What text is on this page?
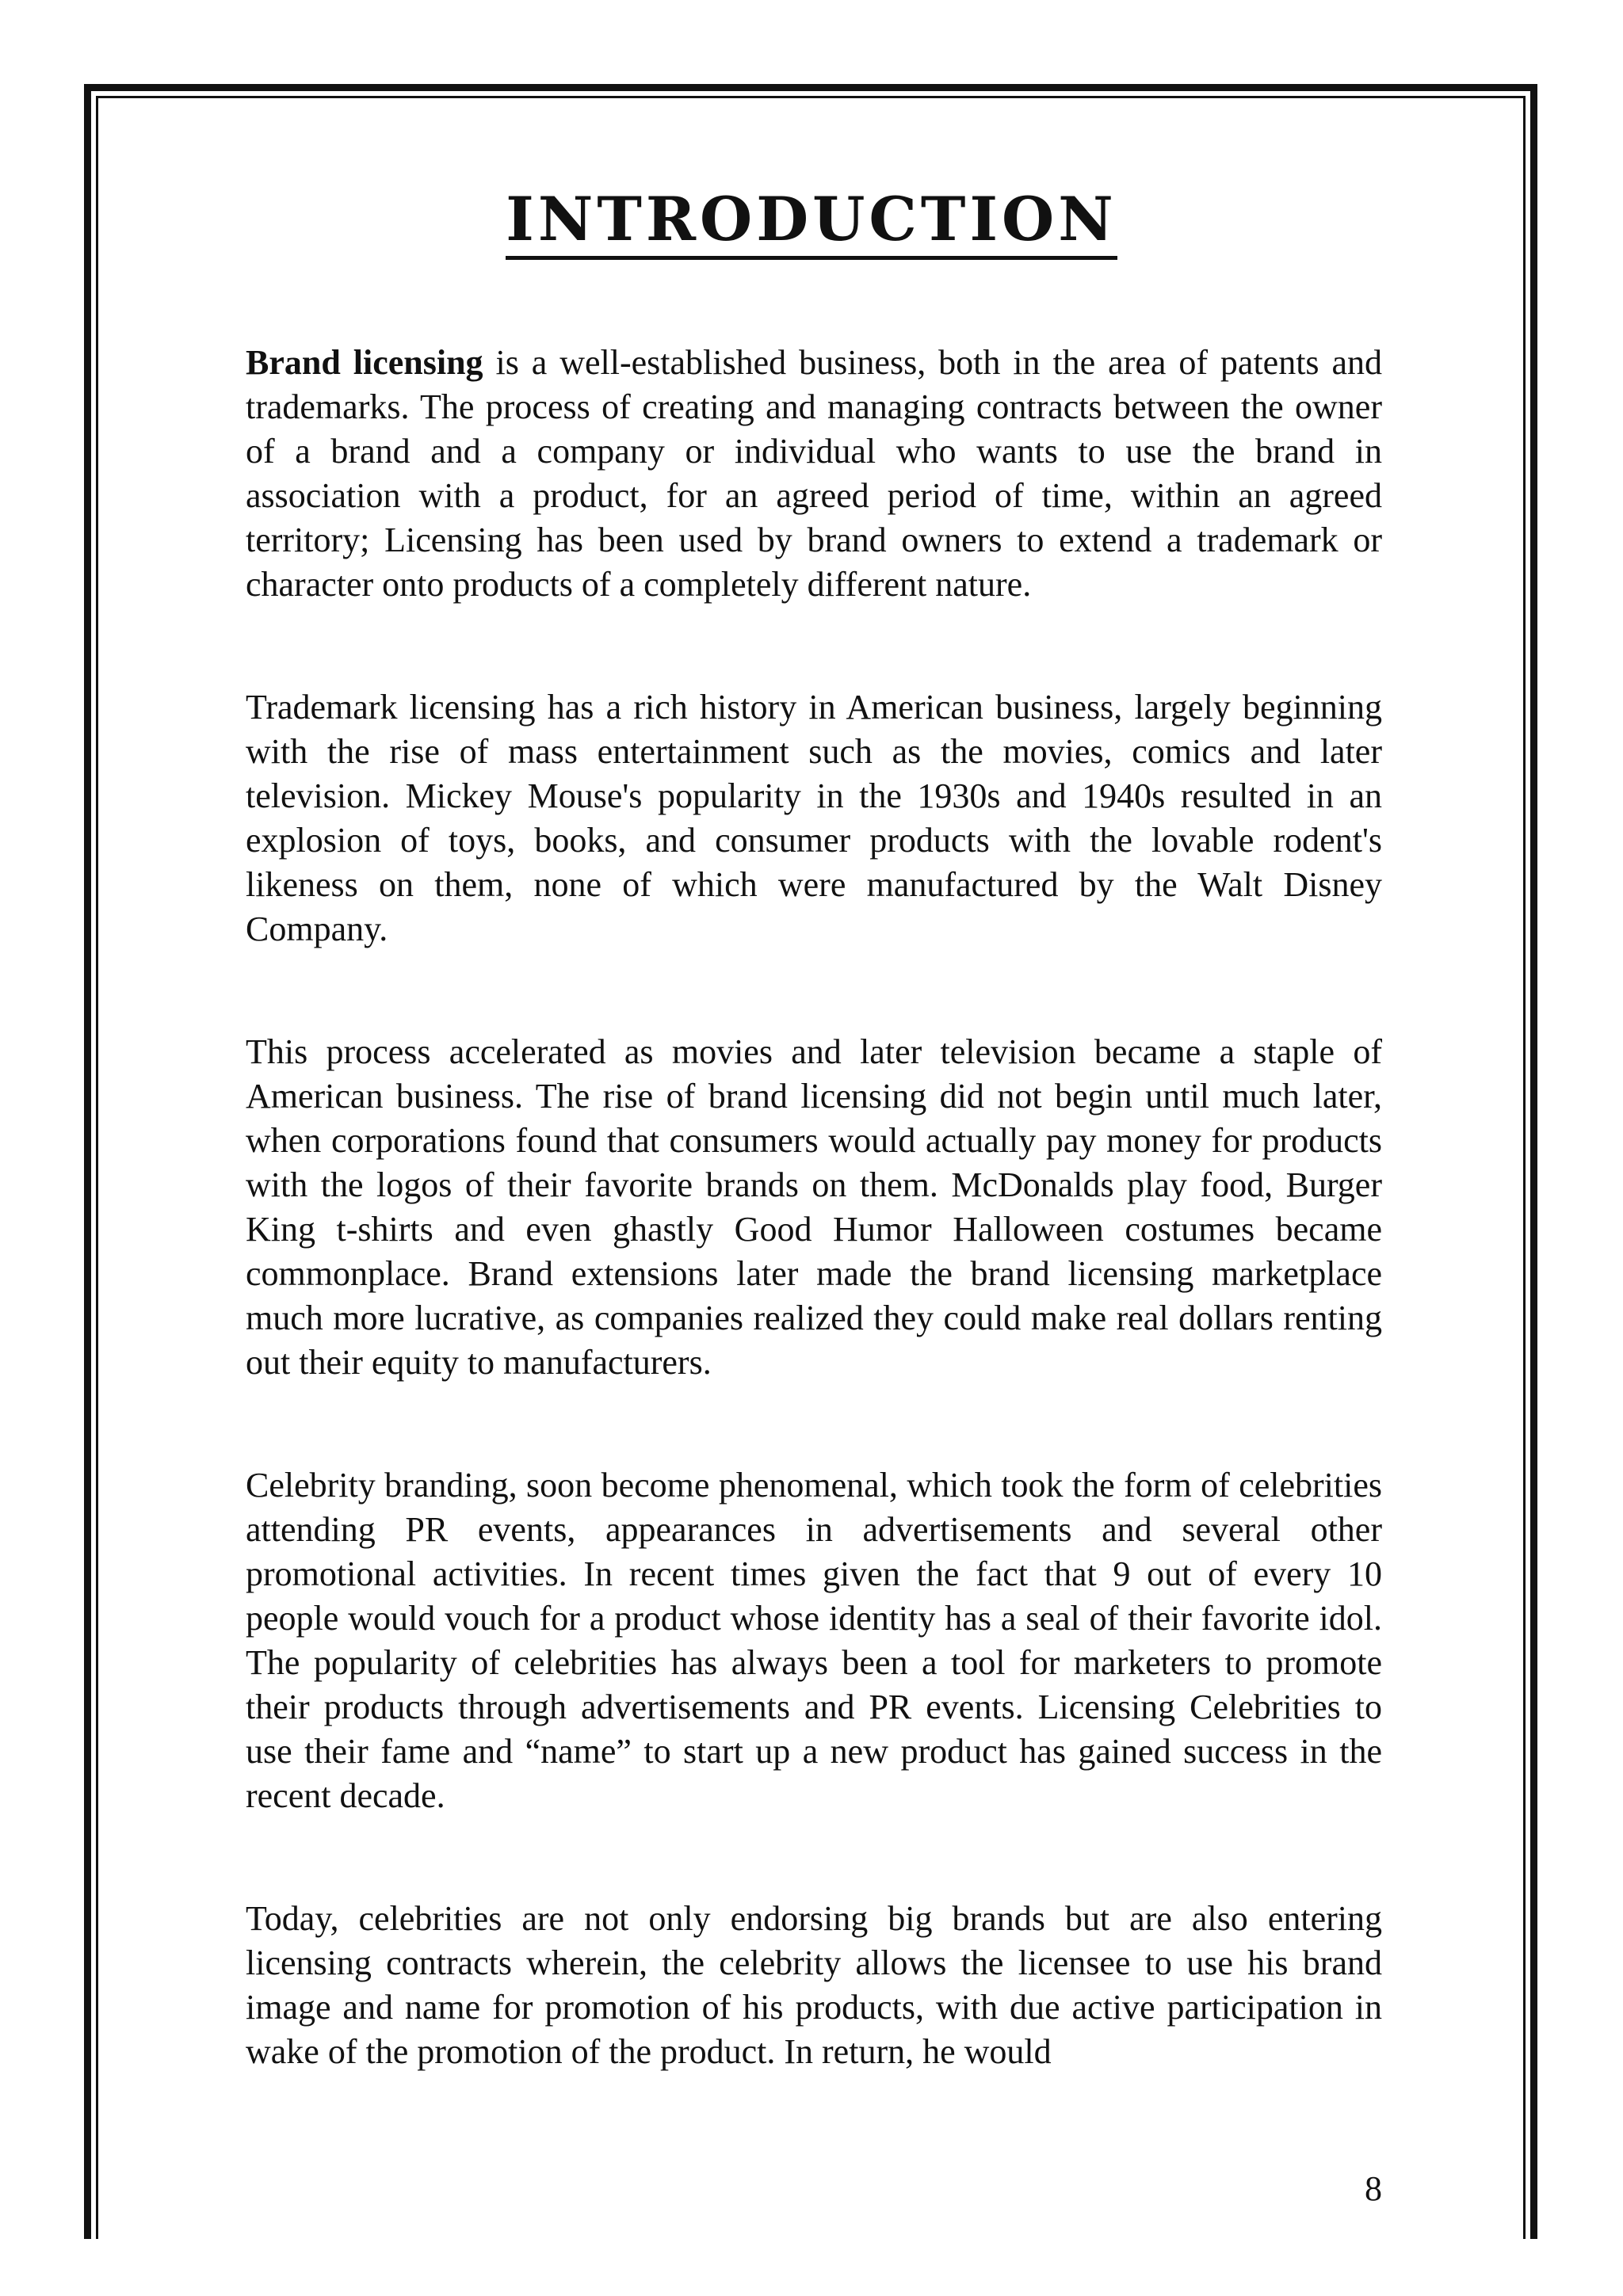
INTRODUCTION

Brand licensing is a well-established business, both in the area of patents and trademarks. The process of creating and managing contracts between the owner of a brand and a company or individual who wants to use the brand in association with a product, for an agreed period of time, within an agreed territory; Licensing has been used by brand owners to extend a trademark or character onto products of a completely different nature.

Trademark licensing has a rich history in American business, largely beginning with the rise of mass entertainment such as the movies, comics and later television. Mickey Mouse's popularity in the 1930s and 1940s resulted in an explosion of toys, books, and consumer products with the lovable rodent's likeness on them, none of which were manufactured by the Walt Disney Company.

This process accelerated as movies and later television became a staple of American business. The rise of brand licensing did not begin until much later, when corporations found that consumers would actually pay money for products with the logos of their favorite brands on them. McDonalds play food, Burger King t-shirts and even ghastly Good Humor Halloween costumes became commonplace. Brand extensions later made the brand licensing marketplace much more lucrative, as companies realized they could make real dollars renting out their equity to manufacturers.

Celebrity branding, soon become phenomenal, which took the form of celebrities attending PR events, appearances in advertisements and several other promotional activities. In recent times given the fact that 9 out of every 10 people would vouch for a product whose identity has a seal of their favorite idol. The popularity of celebrities has always been a tool for marketers to promote their products through advertisements and PR events. Licensing Celebrities to use their fame and “name” to start up a new product has gained success in the recent decade.

Today, celebrities are not only endorsing big brands but are also entering licensing contracts wherein, the celebrity allows the licensee to use his brand image and name for promotion of his products, with due active participation in wake of the promotion of the product. In return, he would

8
